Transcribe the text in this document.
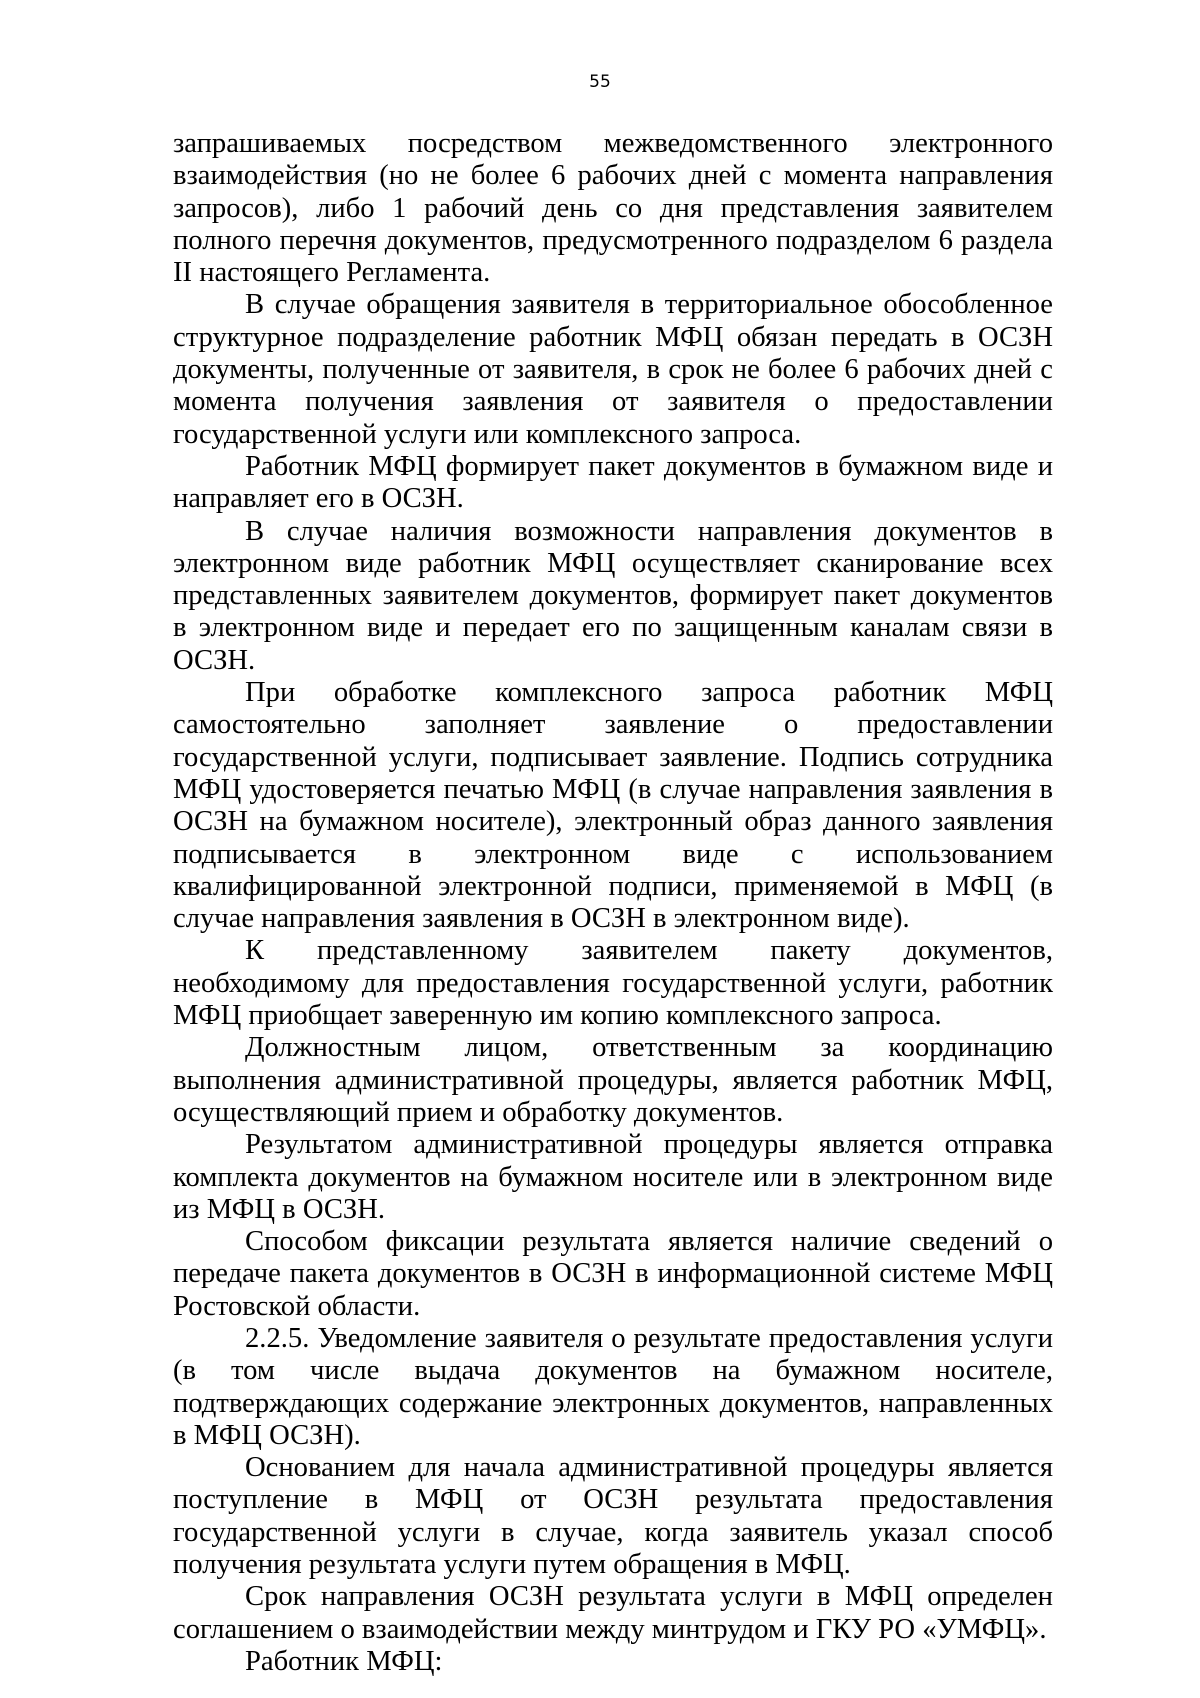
55

запрашиваемых посредством межведомственного электронного взаимодействия (но не более 6 рабочих дней с момента направления запросов), либо 1 рабочий день со дня представления заявителем полного перечня документов, предусмотренного подразделом 6 раздела II настоящего Регламента.

В случае обращения заявителя в территориальное обособленное структурное подразделение работник МФЦ обязан передать в ОСЗН документы, полученные от заявителя, в срок не более 6 рабочих дней с момента получения заявления от заявителя о предоставлении государственной услуги или комплексного запроса.

Работник МФЦ формирует пакет документов в бумажном виде и направляет его в ОСЗН.

В случае наличия возможности направления документов в электронном виде работник МФЦ осуществляет сканирование всех представленных заявителем документов, формирует пакет документов в электронном виде и передает его по защищенным каналам связи в ОСЗН.

При обработке комплексного запроса работник МФЦ самостоятельно заполняет заявление о предоставлении государственной услуги, подписывает заявление. Подпись сотрудника МФЦ удостоверяется печатью МФЦ (в случае направления заявления в ОСЗН на бумажном носителе), электронный образ данного заявления подписывается в электронном виде с использованием квалифицированной электронной подписи, применяемой в МФЦ (в случае направления заявления в ОСЗН в электронном виде).

К представленному заявителем пакету документов, необходимому для предоставления государственной услуги, работник МФЦ приобщает заверенную им копию комплексного запроса.

Должностным лицом, ответственным за координацию выполнения административной процедуры, является работник МФЦ, осуществляющий прием и обработку документов.

Результатом административной процедуры является отправка комплекта документов на бумажном носителе или в электронном виде из МФЦ в ОСЗН.

Способом фиксации результата является наличие сведений о передаче пакета документов в ОСЗН в информационной системе МФЦ Ростовской области.

2.2.5. Уведомление заявителя о результате предоставления услуги (в том числе выдача документов на бумажном носителе, подтверждающих содержание электронных документов, направленных в МФЦ ОСЗН).

Основанием для начала административной процедуры является поступление в МФЦ от ОСЗН результата предоставления государственной услуги в случае, когда заявитель указал способ получения результата услуги путем обращения в МФЦ.

Срок направления ОСЗН результата услуги в МФЦ определен соглашением о взаимодействии между минтрудом и ГКУ РО «УМФЦ».

Работник МФЦ:
